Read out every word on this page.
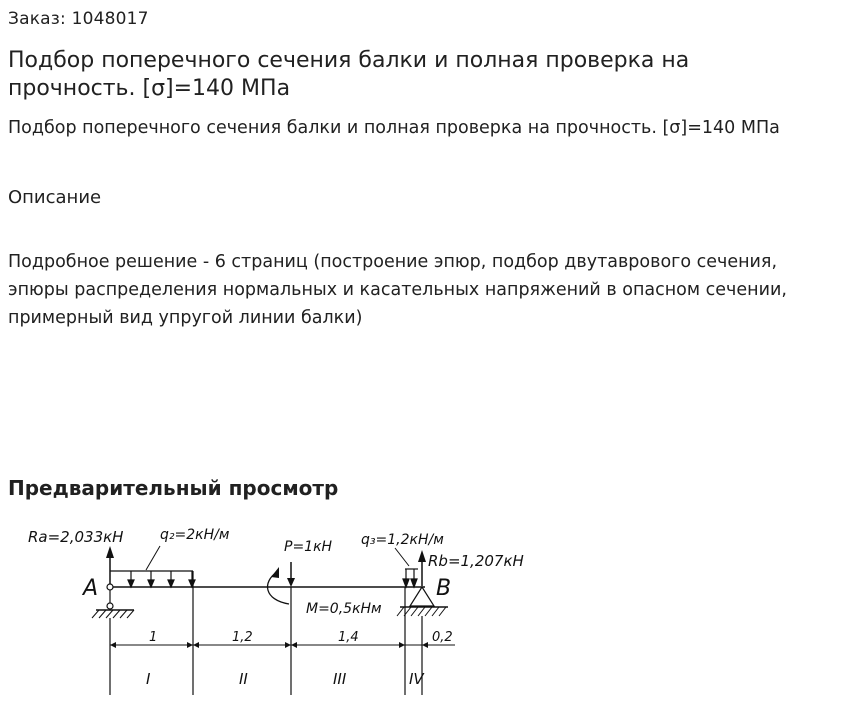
Заказ: 1048017
Подбор поперечного сечения балки и полная проверка на прочность. [σ]=140 МПа

Подбор поперечного сечения балки и полная проверка на прочность. [σ]=140 МПа

Описание

Подробное решение - 6 страниц (построение эпюр, подбор двутаврового сечения, эпюры распределения нормальных и касательных напряжений в опасном сечении, примерный вид упругой линии балки)

Предварительный просмотр
Ra=2,033кН	q₂=2кН/м
P=1кН q₃=1,2кН/м
Rb=1,207кН
A	B
M=0,5кНм
1	1,2	1,4	0,2
I	II	III	IV
